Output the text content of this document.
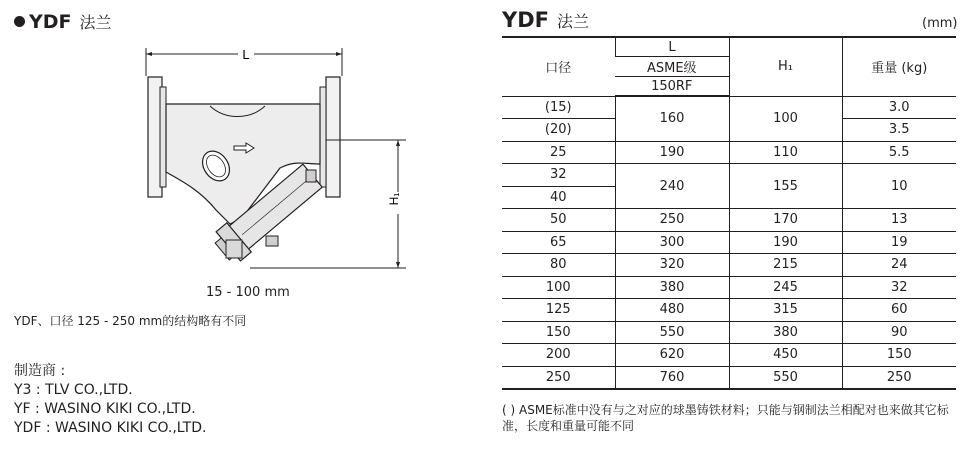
YDF 法兰
L
H₁
15 - 100 mm
YDF、口径 125 - 250 mm的结构略有不同
制造商 :
Y3 : TLV CO.,LTD.
YF : WASINO KIKI CO.,LTD.
YDF : WASINO KIKI CO.,LTD.
YDF 法兰	(mm)
口径	L	H₁	重量 (kg)
	ASME级		
	150RF		
(15)	160	100	3.0
(20)			3.5
25	190	110	5.5
32	240	155	10
40			
50	250	170	13
65	300	190	19
80	320	215	24
100	380	245	32
125	480	315	60
150	550	380	90
200	620	450	150
250	760	550	250
( ) ASME标准中没有与之对应的球墨铸铁材料；只能与钢制法兰相配对也来做其它标准，长度和重量可能不同
